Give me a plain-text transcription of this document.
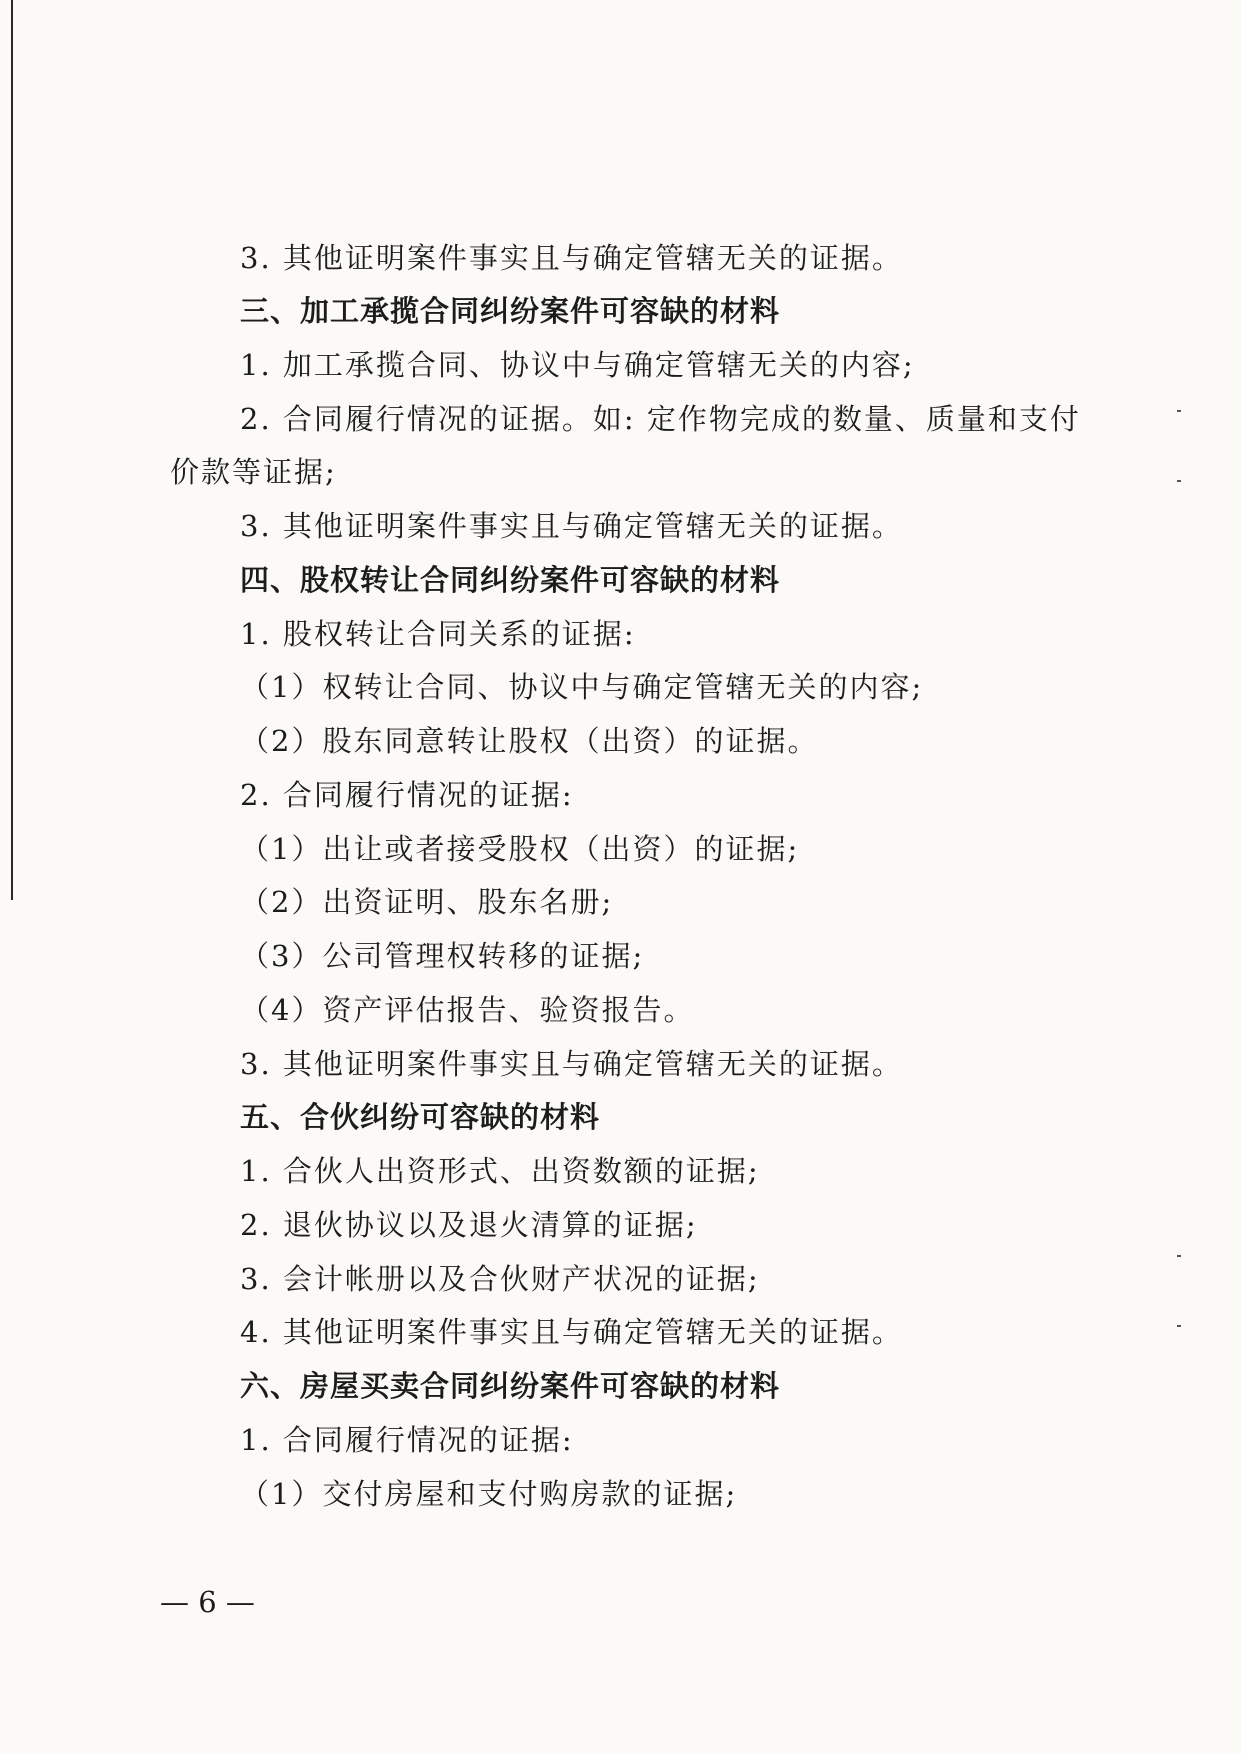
3. 其他证明案件事实且与确定管辖无关的证据。
三、加工承揽合同纠纷案件可容缺的材料
1. 加工承揽合同、协议中与确定管辖无关的内容;
2. 合同履行情况的证据。如: 定作物完成的数量、质量和支付
价款等证据;
3. 其他证明案件事实且与确定管辖无关的证据。
四、股权转让合同纠纷案件可容缺的材料
1. 股权转让合同关系的证据:
（1）权转让合同、协议中与确定管辖无关的内容;
（2）股东同意转让股权（出资）的证据。
2. 合同履行情况的证据:
（1）出让或者接受股权（出资）的证据;
（2）出资证明、股东名册;
（3）公司管理权转移的证据;
（4）资产评估报告、验资报告。
3. 其他证明案件事实且与确定管辖无关的证据。
五、合伙纠纷可容缺的材料
1. 合伙人出资形式、出资数额的证据;
2. 退伙协议以及退火清算的证据;
3. 会计帐册以及合伙财产状况的证据;
4. 其他证明案件事实且与确定管辖无关的证据。
六、房屋买卖合同纠纷案件可容缺的材料
1. 合同履行情况的证据:
（1）交付房屋和支付购房款的证据;
— 6 —
